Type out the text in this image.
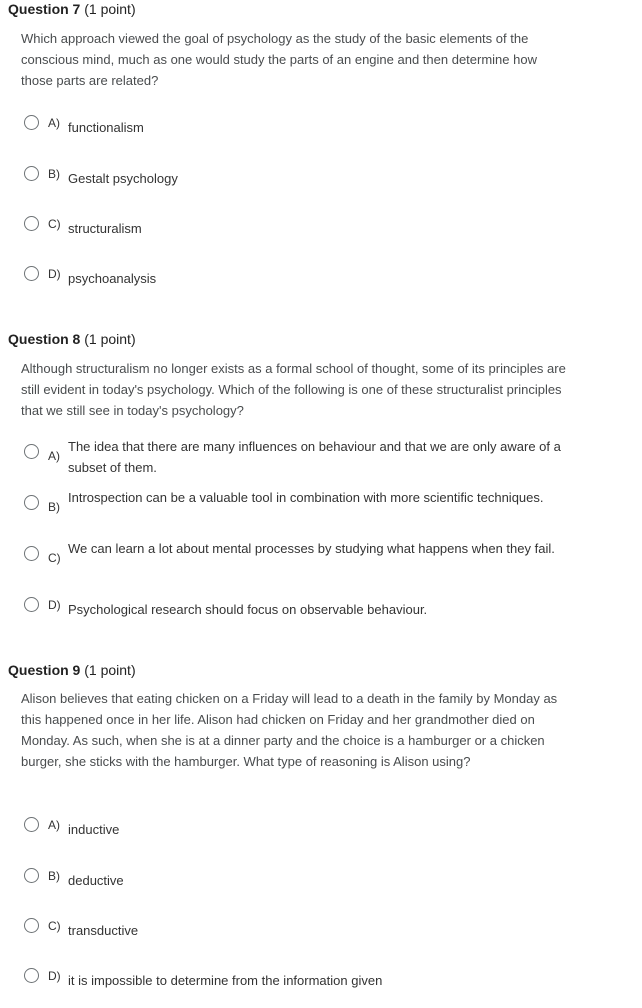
Question 7 (1 point)
Which approach viewed the goal of psychology as the study of the basic elements of the conscious mind, much as one would study the parts of an engine and then determine how those parts are related?
A) functionalism
B) Gestalt psychology
C) structuralism
D) psychoanalysis
Question 8 (1 point)
Although structuralism no longer exists as a formal school of thought, some of its principles are still evident in today's psychology. Which of the following is one of these structuralist principles that we still see in today's psychology?
A)
The idea that there are many influences on behaviour and that we are only aware of a subset of them.
B)
Introspection can be a valuable tool in combination with more scientific techniques.
C)
We can learn a lot about mental processes by studying what happens when they fail.
D) Psychological research should focus on observable behaviour.
Question 9 (1 point)
Alison believes that eating chicken on a Friday will lead to a death in the family by Monday as this happened once in her life. Alison had chicken on Friday and her grandmother died on Monday. As such, when she is at a dinner party and the choice is a hamburger or a chicken burger, she sticks with the hamburger. What type of reasoning is Alison using?
A) inductive
B) deductive
C) transductive
D) it is impossible to determine from the information given
